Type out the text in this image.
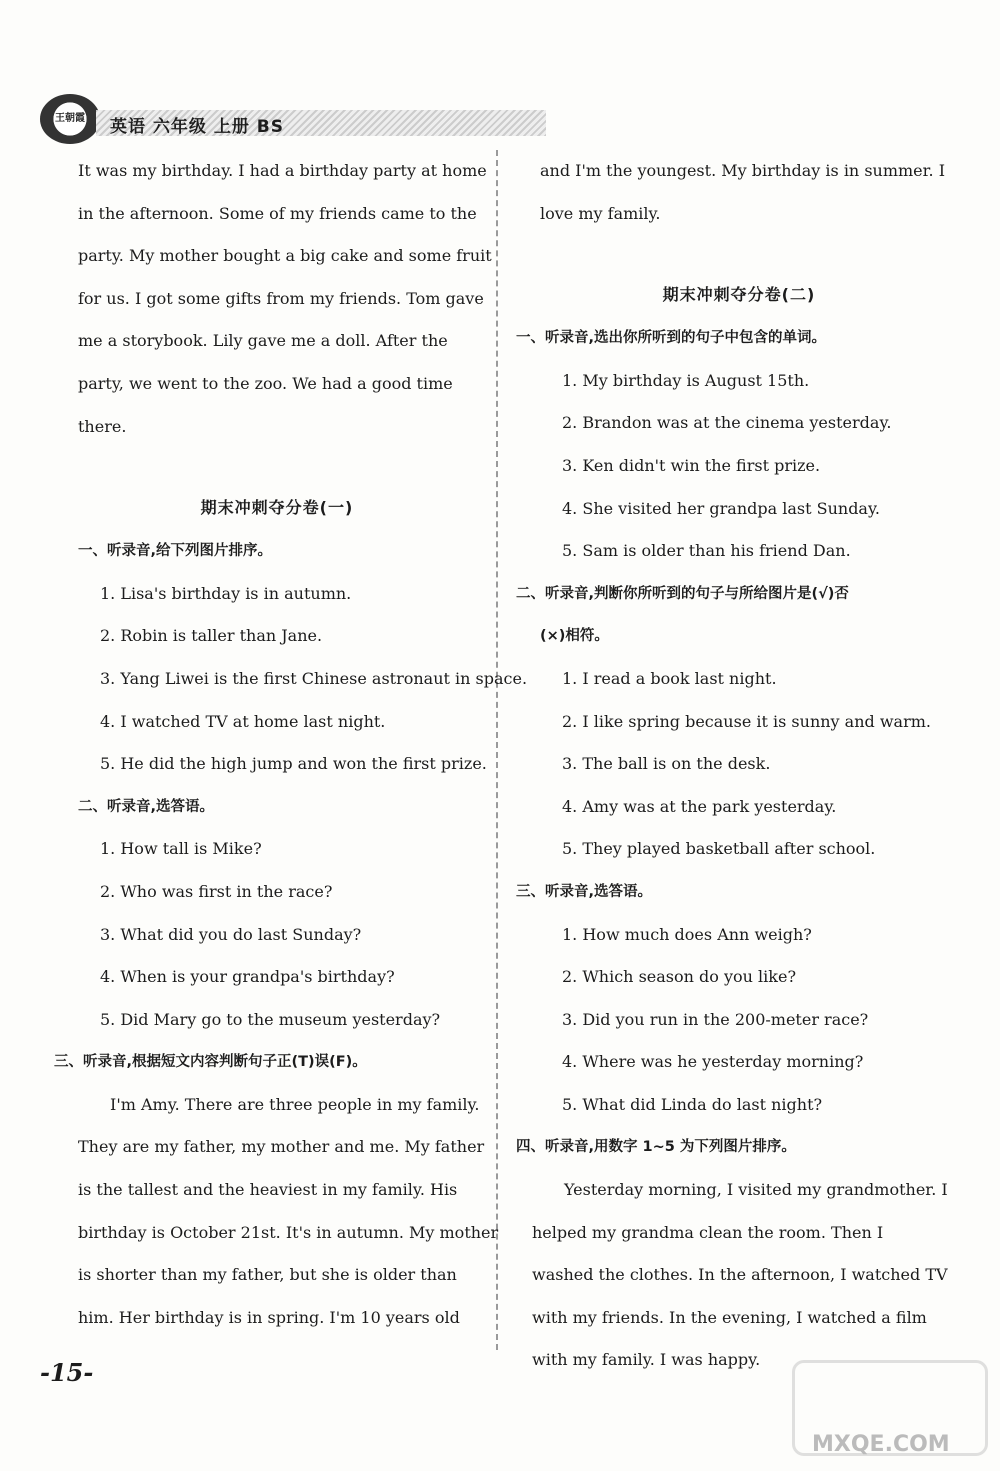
王朝霞 英语 六年级 上册 BS

It was my birthday. I had a birthday party at home

in the afternoon. Some of my friends came to the

party. My mother bought a big cake and some fruit

for us. I got some gifts from my friends. Tom gave

me a storybook. Lily gave me a doll. After the

party, we went to the zoo. We had a good time

there.

期末冲刺夺分卷(一)

一、听录音,给下列图片排序。

1. Lisa's birthday is in autumn.

2. Robin is taller than Jane.

3. Yang Liwei is the first Chinese astronaut in space.

4. I watched TV at home last night.

5. He did the high jump and won the first prize.

二、听录音,选答语。

1. How tall is Mike?

2. Who was first in the race?

3. What did you do last Sunday?

4. When is your grandpa's birthday?

5. Did Mary go to the museum yesterday?

三、听录音,根据短文内容判断句子正(T)误(F)。

I'm Amy. There are three people in my family.

They are my father, my mother and me. My father

is the tallest and the heaviest in my family. His

birthday is October 21st. It's in autumn. My mother

is shorter than my father, but she is older than

him. Her birthday is in spring. I'm 10 years old

and I'm the youngest. My birthday is in summer. I

love my family.

期末冲刺夺分卷(二)

一、听录音,选出你所听到的句子中包含的单词。

1. My birthday is August 15th.

2. Brandon was at the cinema yesterday.

3. Ken didn't win the first prize.

4. She visited her grandpa last Sunday.

5. Sam is older than his friend Dan.

二、听录音,判断你所听到的句子与所给图片是(√)否

(×)相符。

1. I read a book last night.

2. I like spring because it is sunny and warm.

3. The ball is on the desk.

4. Amy was at the park yesterday.

5. They played basketball after school.

三、听录音,选答语。

1. How much does Ann weigh?

2. Which season do you like?

3. Did you run in the 200-meter race?

4. Where was he yesterday morning?

5. What did Linda do last night?

四、听录音,用数字 1~5 为下列图片排序。

Yesterday morning, I visited my grandmother. I

helped my grandma clean the room. Then I

washed the clothes. In the afternoon, I watched TV

with my friends. In the evening, I watched a film

with my family. I was happy.

-15-
MXQE.COM
